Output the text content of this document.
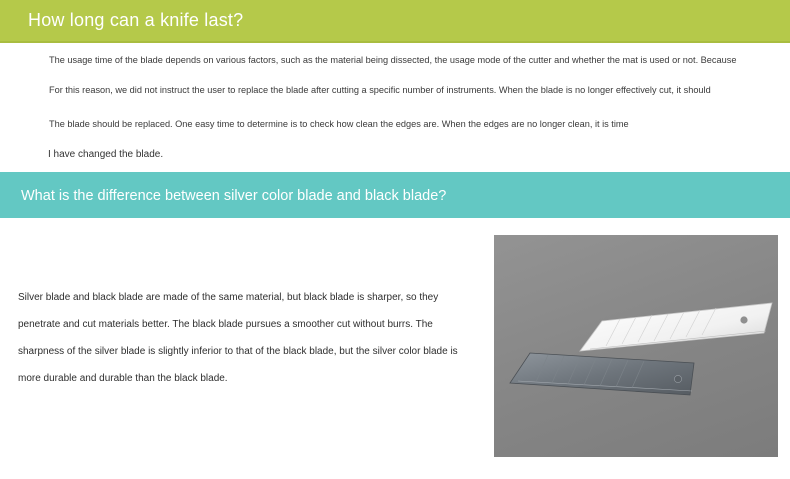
How long can a knife last?

The usage time of the blade depends on various factors, such as the material being dissected, the usage mode of the cutter and whether the mat is used or not. Because

For this reason, we did not instruct the user to replace the blade after cutting a specific number of instruments. When the blade is no longer effectively cut, it should

The blade should be replaced. One easy time to determine is to check how clean the edges are. When the edges are no longer clean, it is time

I have changed the blade.

What is the difference between silver color blade and black blade?

Silver blade and black blade are made of the same material, but black blade is sharper, so they penetrate and cut materials better. The black blade pursues a smoother cut without burrs. The sharpness of the silver blade is slightly inferior to that of the black blade, but the silver color blade is more durable and durable than the black blade.
